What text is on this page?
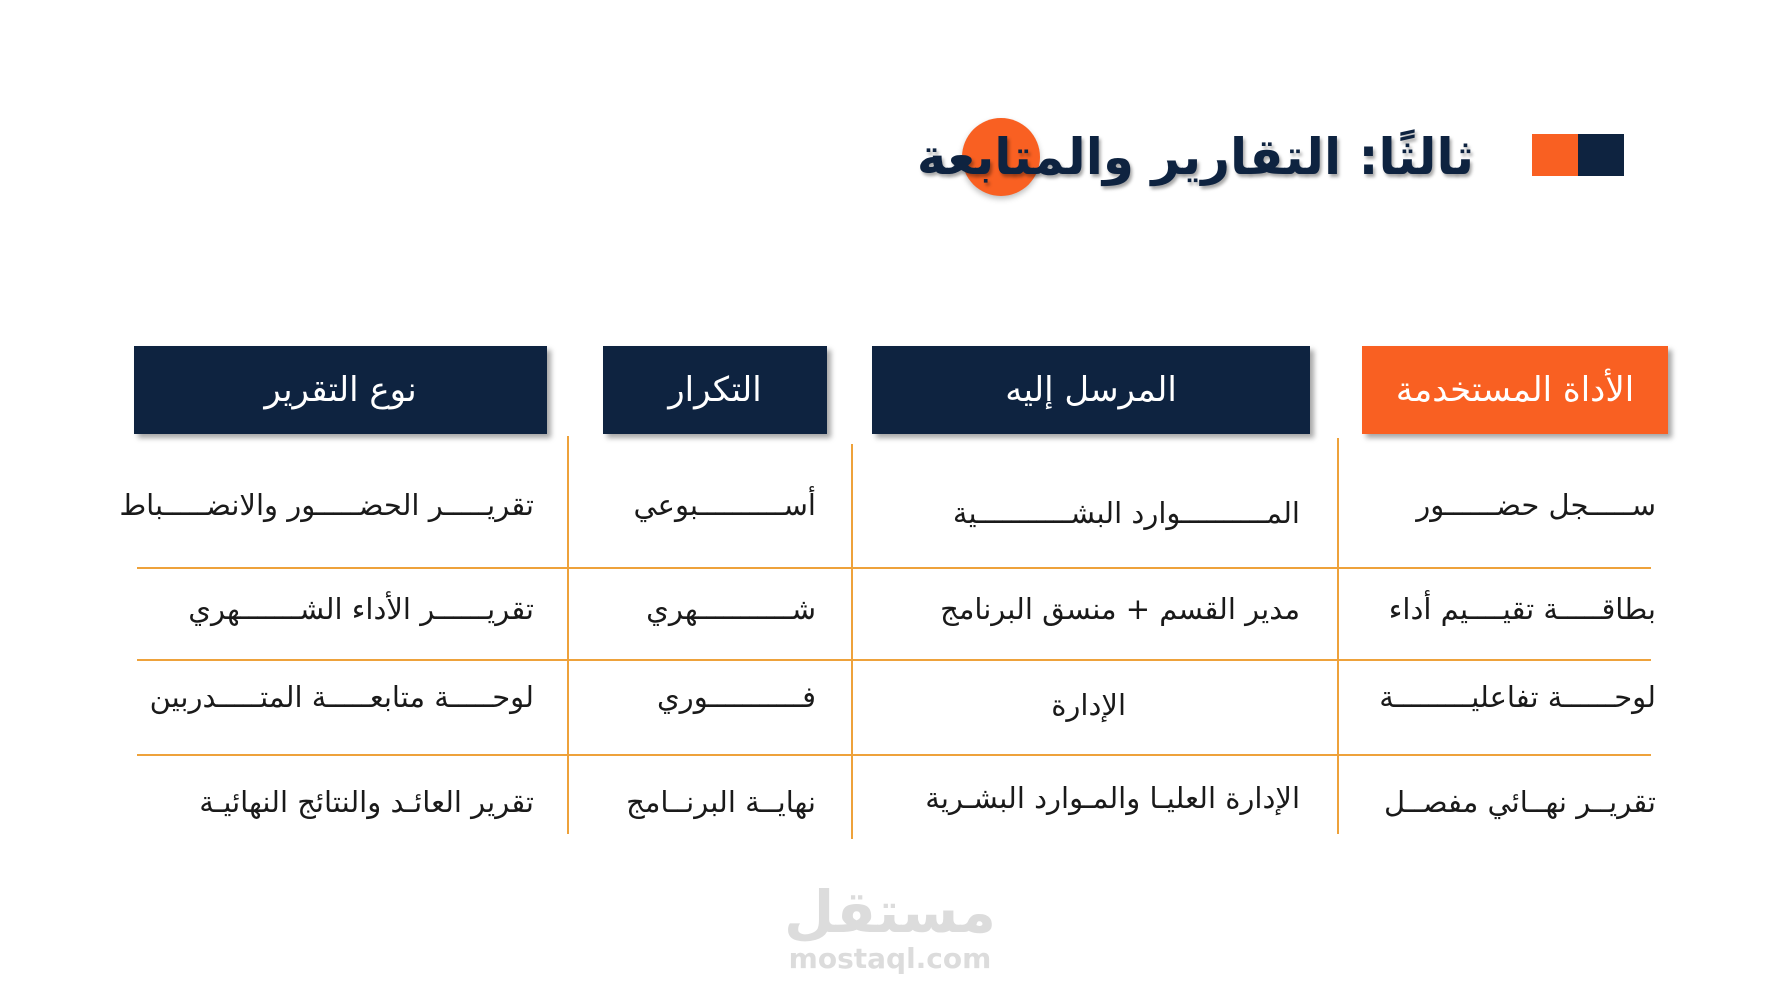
ثالثًا: التقارير والمتابعة
الأداة المستخدمة
المرسل إليه
التكرار
نوع التقرير
ســـــجل حضــــــور
المــــــــــوارد البشـــــــــــية
أســــــــــبوعي
تقريـــــر الحضـــــور والانضـــــباط
بطاقـــــة تقيــــيم أداء
مدير القسم + منسق البرنامج
شـــــــــــهري
تقريــــــر الأداء الشـــــــهري
لوحــــــة تفاعليـــــــــة
الإدارة
فـــــــــــوري
لوحـــــة متابعـــــة المتـــــدربين
تقريــر نهــائي مفصــل
الإدارة العليـا والمـوارد البشـرية
نهايــة البرنــامج
تقرير العائـد والنتائج النهائيـة
مستقل
mostaql.com
